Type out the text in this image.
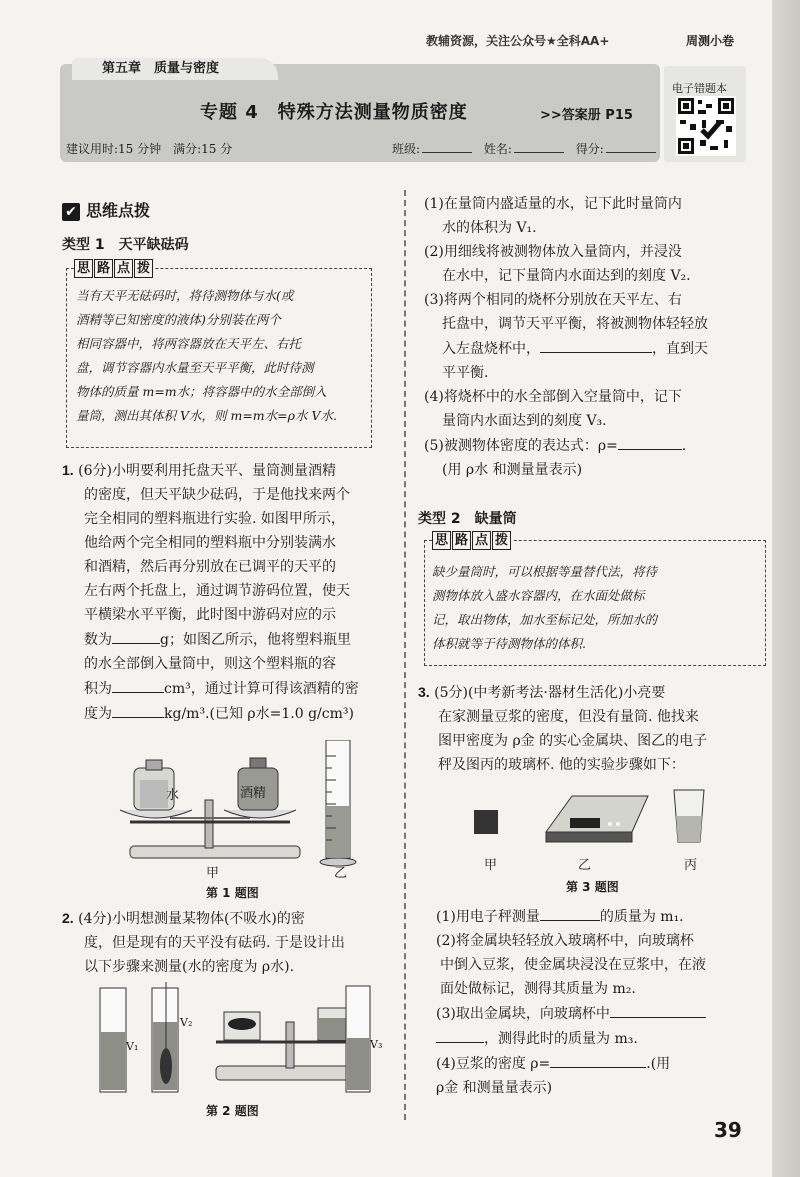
教辅资源，关注公众号★全科AA+	周测小卷
第五章　质量与密度
专题 4　特殊方法测量物质密度	>>答案册 P15
建议用时:15 分钟　满分:15 分	班级:	姓名:	得分:
电子错题本
✔ 思维点拨
类型 1　天平缺砝码
思 路 点 拨
当有天平无砝码时，将待测物体与水(或
酒精等已知密度的液体)分别装在两个
相同容器中，将两容器放在天平左、右托
盘，调节容器内水量至天平平衡，此时待测
物体的质量 m=m水；将容器中的水全部倒入
量筒，测出其体积 V水，则 m=m水=ρ水 V水.
1. (6分)小明要利用托盘天平、量筒测量酒精
的密度，但天平缺少砝码，于是他找来两个
完全相同的塑料瓶进行实验. 如图甲所示，
他给两个完全相同的塑料瓶中分别装满水
和酒精，然后再分别放在已调平的天平的
左右两个托盘上，通过调节游码位置，使天
平横梁水平平衡，此时图中游码对应的示
数为	g；如图乙所示，他将塑料瓶里
的水全部倒入量筒中，则这个塑料瓶的容
积为	cm³，通过计算可得该酒精的密
度为	kg/m³.(已知 ρ水=1.0 g/cm³)
水	酒精
甲	乙
第 1 题图
2. (4分)小明想测量某物体(不吸水)的密
度，但是现有的天平没有砝码. 于是设计出
以下步骤来测量(水的密度为 ρ水).
V₁
V₂
V₃
第 2 题图
(1)在量筒内盛适量的水，记下此时量筒内
水的体积为 V₁.
(2)用细线将被测物体放入量筒内，并浸没
在水中，记下量筒内水面达到的刻度 V₂.
(3)将两个相同的烧杯分别放在天平左、右
托盘中，调节天平平衡，将被测物体轻轻放
入左盘烧杯中，	，直到天
平平衡.
(4)将烧杯中的水全部倒入空量筒中，记下
量筒内水面达到的刻度 V₃.
(5)被测物体密度的表达式：ρ=	.
(用 ρ水 和测量量表示)
类型 2　缺量筒
思 路 点 拨
缺少量筒时，可以根据等量替代法，将待
测物体放入盛水容器内，在水面处做标
记，取出物体，加水至标记处，所加水的
体积就等于待测物体的体积.
3. (5分)(中考新考法·器材生活化)小亮要
在家测量豆浆的密度，但没有量筒. 他找来
图甲密度为 ρ金 的实心金属块、图乙的电子
秤及图丙的玻璃杯. 他的实验步骤如下：
甲	乙	丙
第 3 题图
(1)用电子秤测量	的质量为 m₁.
(2)将金属块轻轻放入玻璃杯中，向玻璃杯
中倒入豆浆，使金属块浸没在豆浆中，在液
面处做标记，测得其质量为 m₂.
(3)取出金属块，向玻璃杯中
，测得此时的质量为 m₃.
(4)豆浆的密度 ρ=	.(用
ρ金 和测量量表示)
39
